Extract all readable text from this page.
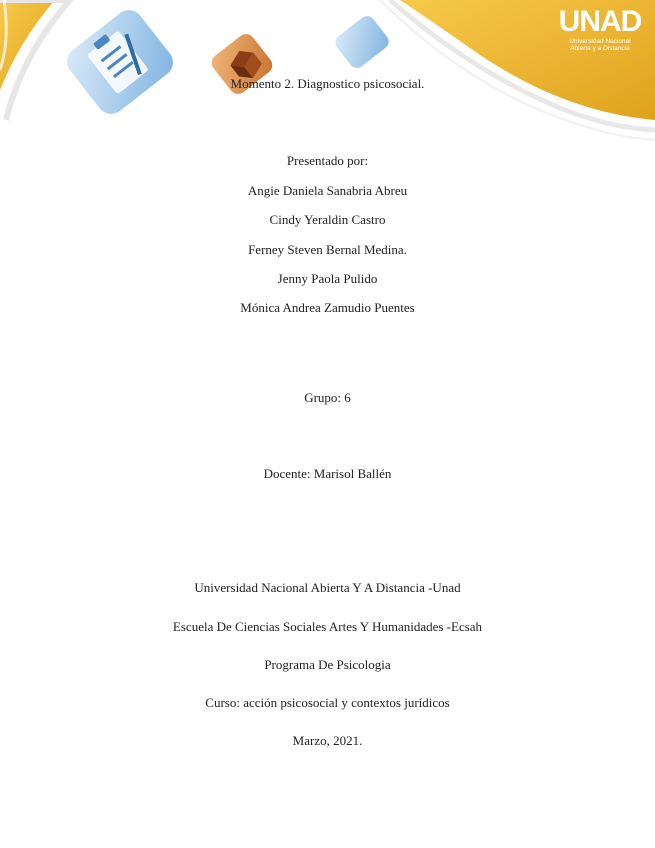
UNAD
Universidad Nacional
Abierta y a Distancia
Momento 2. Diagnostico psicosocial.
Presentado por:
Angie Daniela Sanabria Abreu
Cindy Yeraldin Castro
Ferney Steven Bernal Medina.
Jenny Paola Pulido
Mónica Andrea Zamudio Puentes
Grupo: 6
Docente: Marisol Ballén
Universidad Nacional Abierta Y A Distancia -Unad
Escuela De Ciencias Sociales Artes Y Humanidades -Ecsah
Programa De Psicologia
Curso: acción psicosocial y contextos jurídicos
Marzo, 2021.
